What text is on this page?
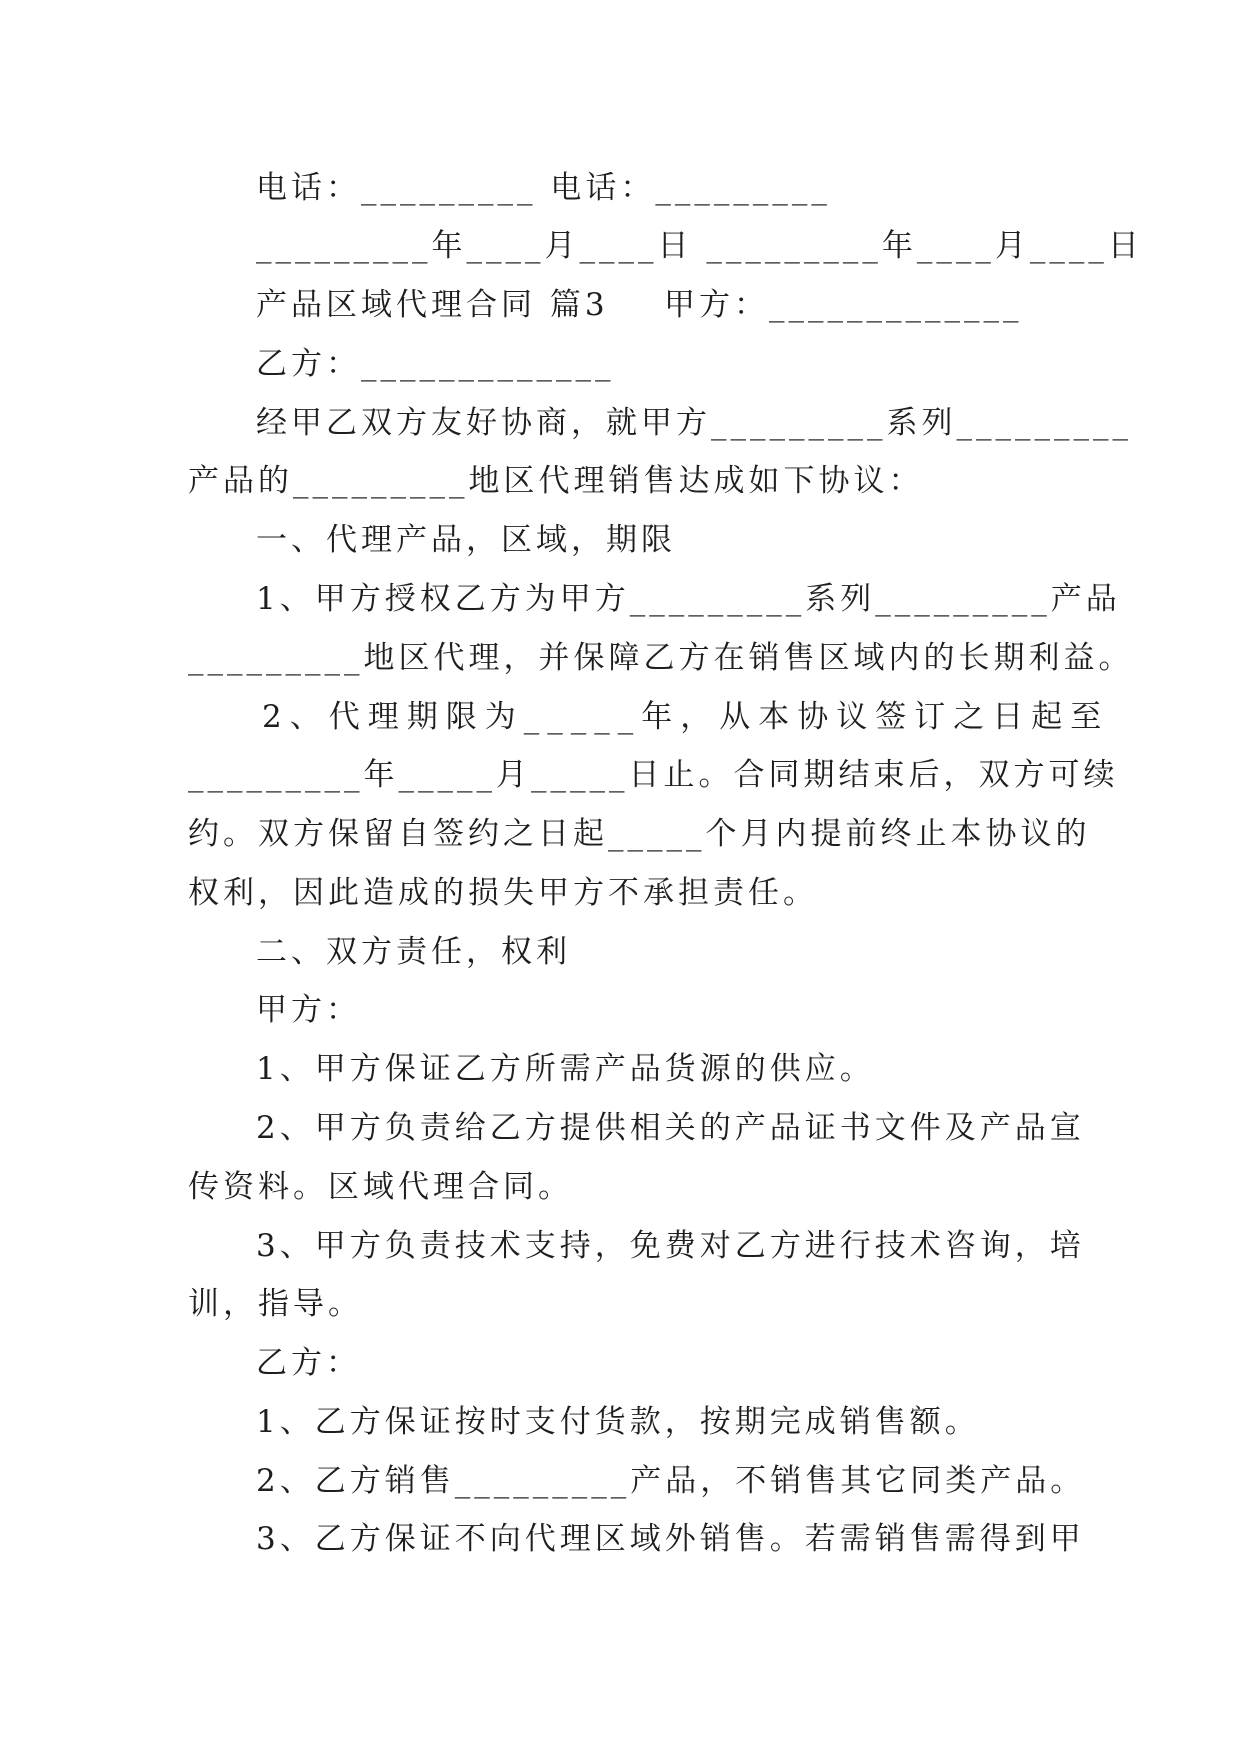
电话：_________ 电话：_________
_________年____月____日 _________年____月____日
产品区域代理合同 篇3    甲方：_____________
乙方：_____________
经甲乙双方友好协商，就甲方_________系列_________
产品的_________地区代理销售达成如下协议：
一、代理产品，区域，期限
1、甲方授权乙方为甲方_________系列_________产品
_________地区代理，并保障乙方在销售区域内的长期利益。
2、代理期限为_____年，从本协议签订之日起至
_________年_____月_____日止。合同期结束后，双方可续
约。双方保留自签约之日起_____个月内提前终止本协议的
权利，因此造成的损失甲方不承担责任。
二、双方责任，权利
甲方：
1、甲方保证乙方所需产品货源的供应。
2、甲方负责给乙方提供相关的产品证书文件及产品宣
传资料。区域代理合同。
3、甲方负责技术支持，免费对乙方进行技术咨询，培
训，指导。
乙方：
1、乙方保证按时支付货款，按期完成销售额。
2、乙方销售_________产品，不销售其它同类产品。
3、乙方保证不向代理区域外销售。若需销售需得到甲
